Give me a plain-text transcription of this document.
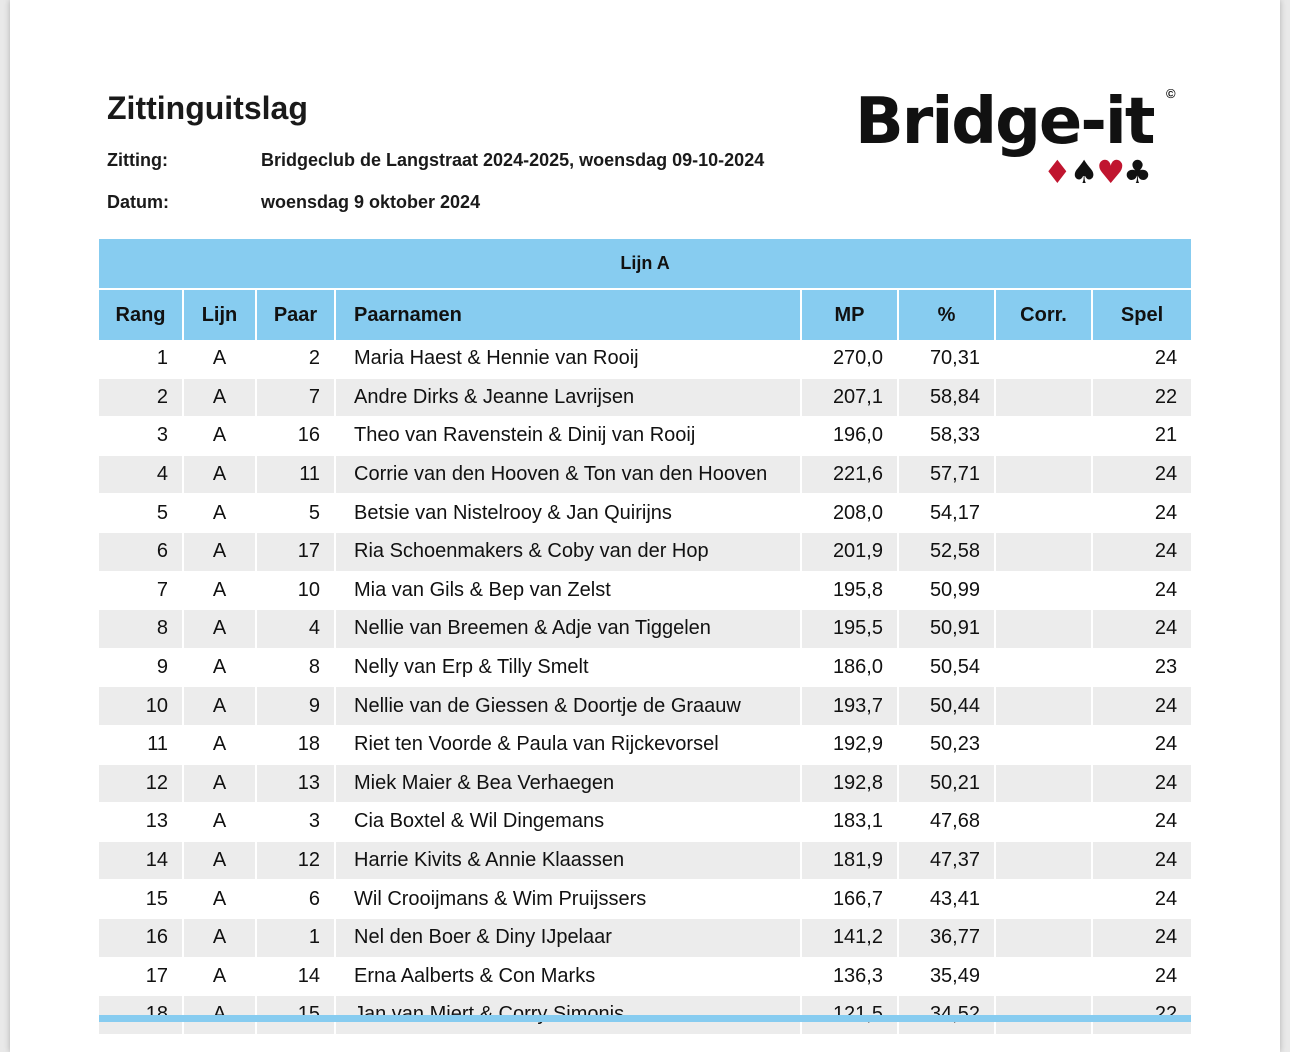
Zittinguitslag
Zitting:	Bridgeclub de Langstraat 2024-2025, woensdag 09-10-2024
Datum:	woensdag 9 oktober 2024
Bridge-it ©
♦♠♥♣
Lijn A							
Rang	Lijn	Paar	Paarnamen	MP	%	Corr.	Spel
1	A	2	Maria Haest & Hennie van Rooij	270,0	70,31		24
2	A	7	Andre Dirks & Jeanne Lavrijsen	207,1	58,84		22
3	A	16	Theo van Ravenstein & Dinij van Rooij	196,0	58,33		21
4	A	11	Corrie van den Hooven & Ton van den Hooven	221,6	57,71		24
5	A	5	Betsie van Nistelrooy & Jan Quirijns	208,0	54,17		24
6	A	17	Ria Schoenmakers & Coby van der Hop	201,9	52,58		24
7	A	10	Mia van Gils & Bep van Zelst	195,8	50,99		24
8	A	4	Nellie van Breemen & Adje van Tiggelen	195,5	50,91		24
9	A	8	Nelly van Erp & Tilly Smelt	186,0	50,54		23
10	A	9	Nellie van de Giessen & Doortje de Graauw	193,7	50,44		24
11	A	18	Riet ten Voorde & Paula van Rijckevorsel	192,9	50,23		24
12	A	13	Miek Maier & Bea Verhaegen	192,8	50,21		24
13	A	3	Cia Boxtel & Wil Dingemans	183,1	47,68		24
14	A	12	Harrie Kivits & Annie Klaassen	181,9	47,37		24
15	A	6	Wil Crooijmans & Wim Pruijssers	166,7	43,41		24
16	A	1	Nel den Boer & Diny IJpelaar	141,2	36,77		24
17	A	14	Erna Aalberts & Con Marks	136,3	35,49		24
